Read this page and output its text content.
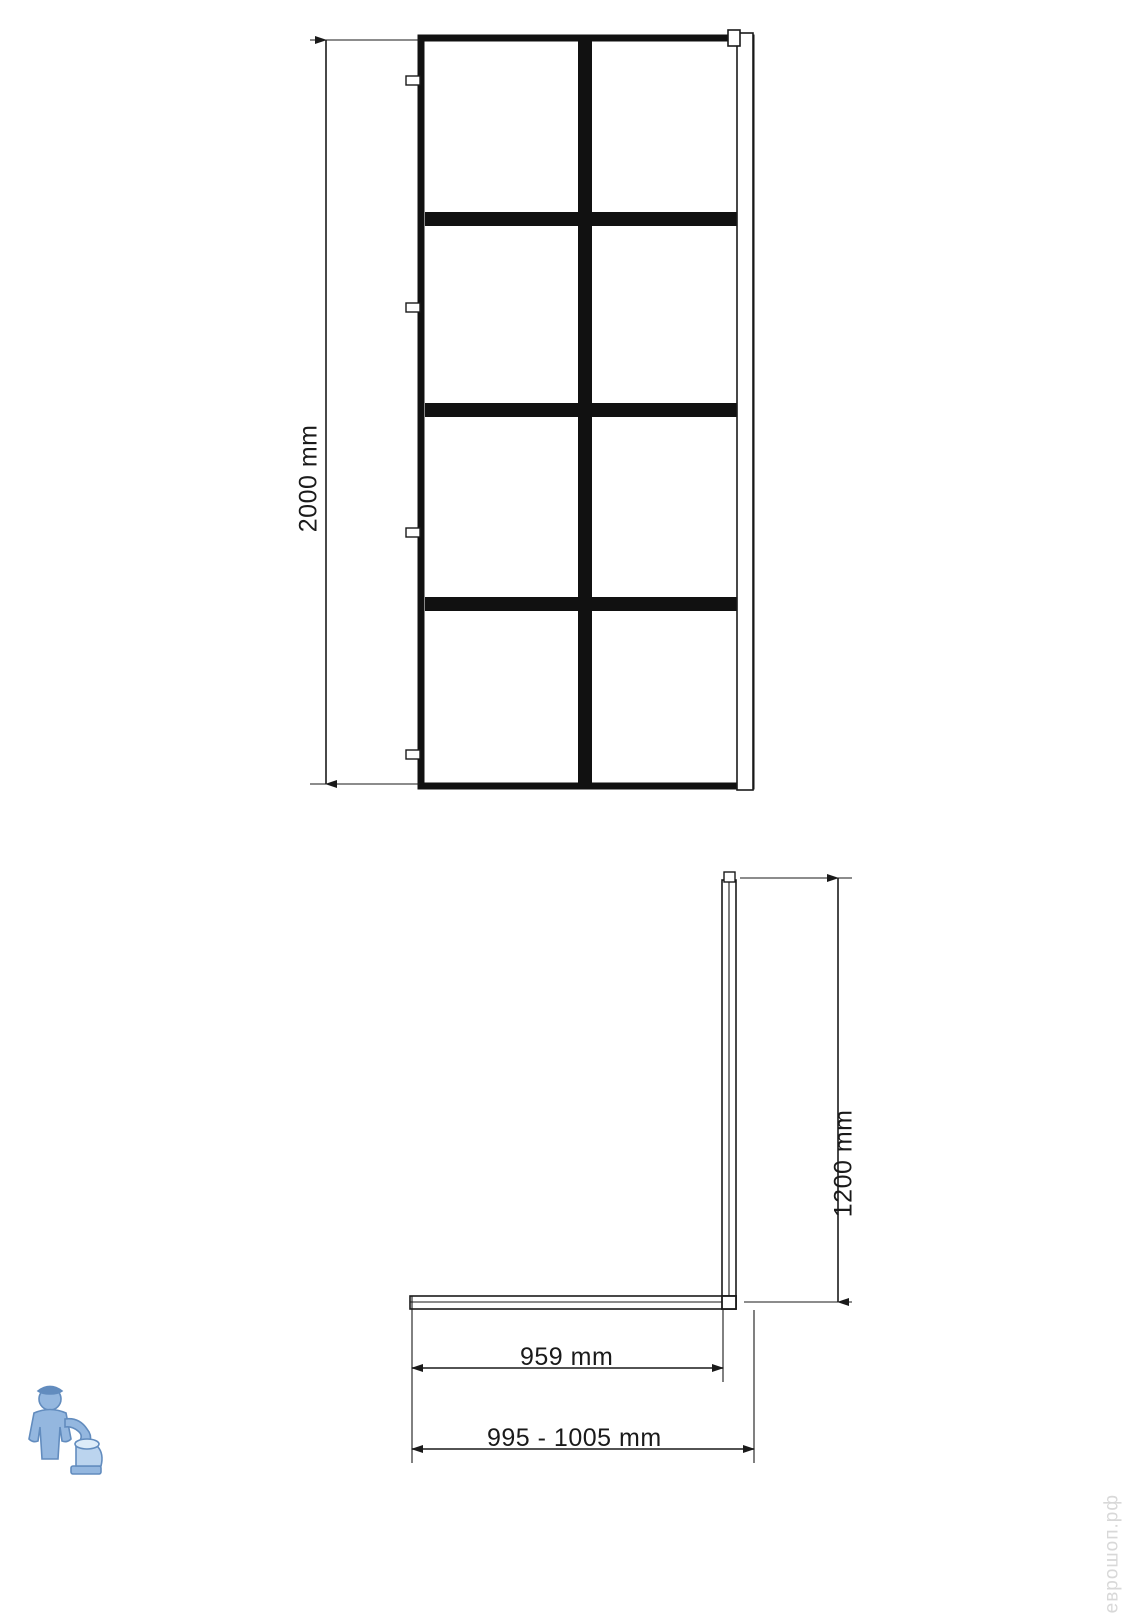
2000 mm
1200 mm
959 mm
995 - 1005 mm
еврошоп.рф
